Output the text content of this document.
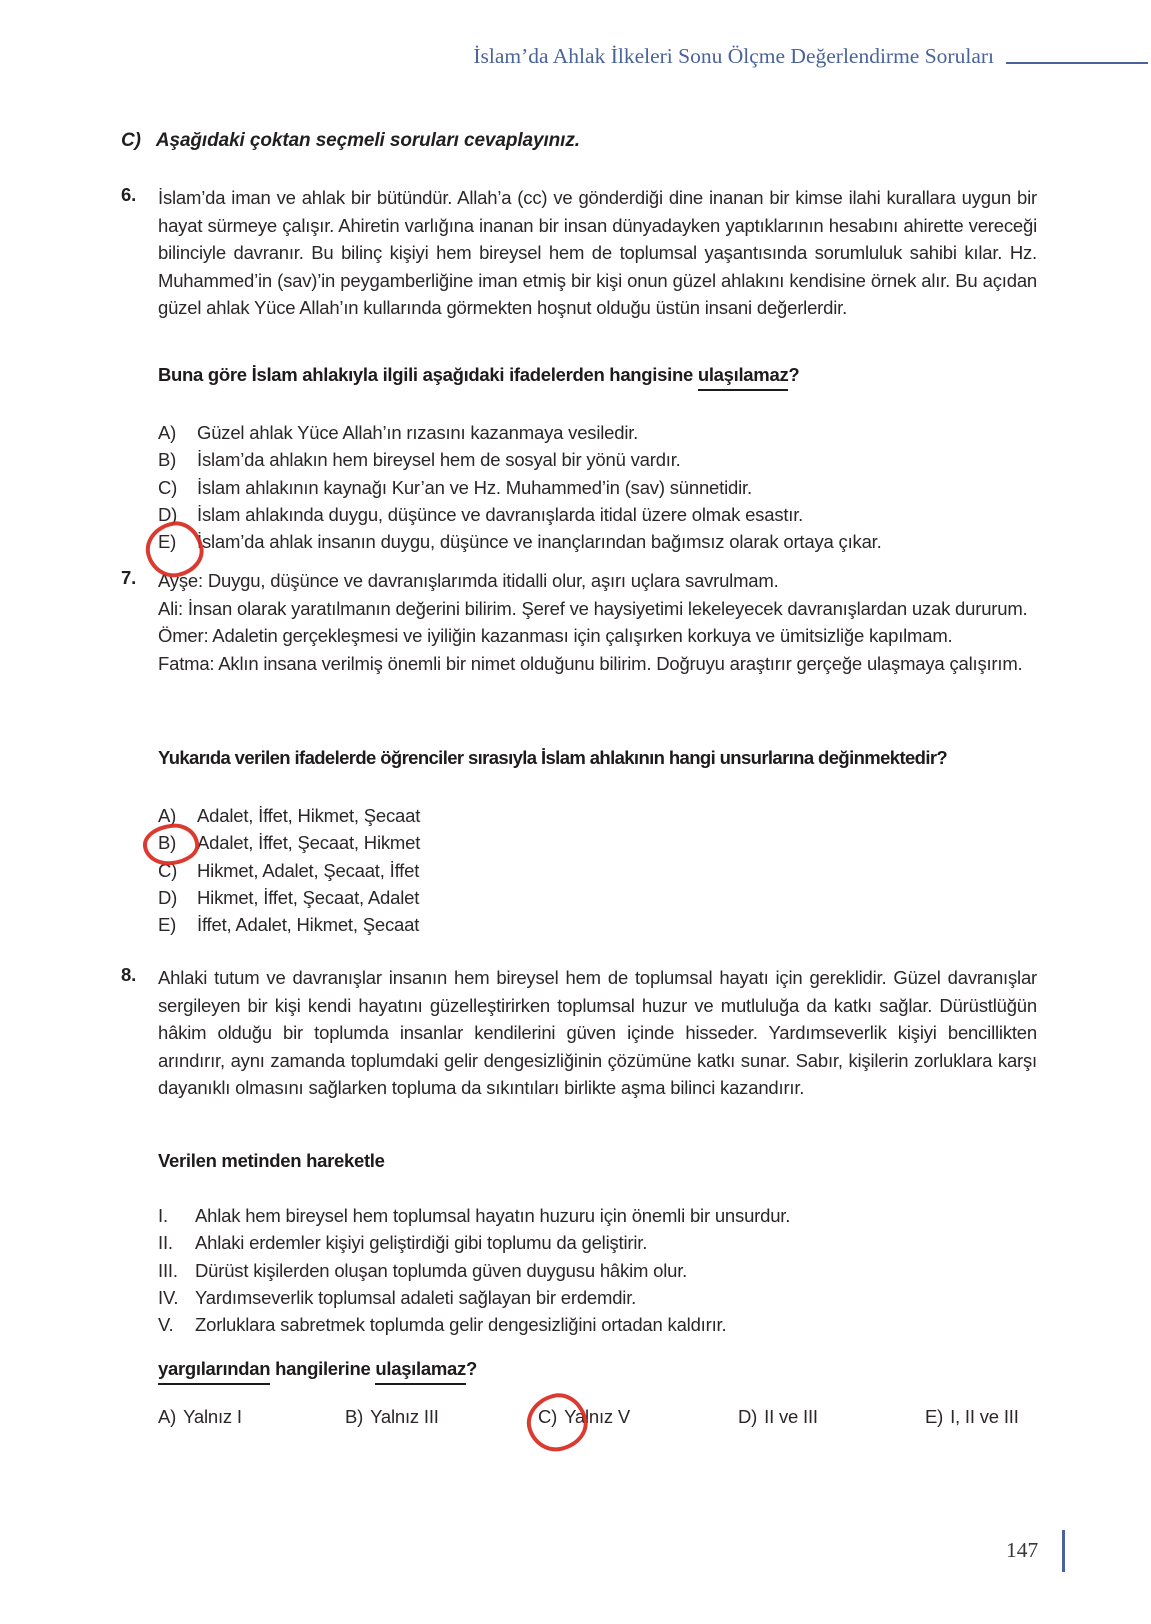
İslam’da Ahlak İlkeleri Sonu Ölçme Değerlendirme Soruları
C) Aşağıdaki çoktan seçmeli soruları cevaplayınız.
6. İslam’da iman ve ahlak bir bütündür. Allah’a (cc) ve gönderdiği dine inanan bir kimse ilahi kurallara uygun bir hayat sürmeye çalışır. Ahiretin varlığına inanan bir insan dünyadayken yaptıklarının hesabını ahirette vereceği bilinciyle davranır. Bu bilinç kişiyi hem bireysel hem de toplumsal yaşantısında sorumluluk sahibi kılar. Hz. Muhammed’in (sav)’in peygamberliğine iman etmiş bir kişi onun güzel ahlakını kendisine örnek alır. Bu açıdan güzel ahlak Yüce Allah’ın kullarında görmekten hoşnut olduğu üstün insani değerlerdir.
Buna göre İslam ahlakıyla ilgili aşağıdaki ifadelerden hangisine ulaşılamaz?
A)	Güzel ahlak Yüce Allah’ın rızasını kazanmaya vesiledir.
B)	İslam’da ahlakın hem bireysel hem de sosyal bir yönü vardır.
C)	İslam ahlakının kaynağı Kur’an ve Hz. Muhammed’in (sav) sünnetidir.
D)	İslam ahlakında duygu, düşünce ve davranışlarda itidal üzere olmak esastır.
E)	İslam’da ahlak insanın duygu, düşünce ve inançlarından bağımsız olarak ortaya çıkar.
7. Ayşe: Duygu, düşünce ve davranışlarımda itidalli olur, aşırı uçlara savrulmam.

Ali: İnsan olarak yaratılmanın değerini bilirim. Şeref ve haysiyetimi lekeleyecek davranışlardan uzak dururum.

Ömer: Adaletin gerçekleşmesi ve iyiliğin kazanması için çalışırken korkuya ve ümitsizliğe kapılmam.

Fatma: Aklın insana verilmiş önemli bir nimet olduğunu bilirim. Doğruyu araştırır gerçeğe ulaşmaya çalışırım.

Yukarıda verilen ifadelerde öğrenciler sırasıyla İslam ahlakının hangi unsurlarına değinmektedir?
A)	Adalet, İffet, Hikmet, Şecaat
B)	Adalet, İffet, Şecaat, Hikmet
C)	Hikmet, Adalet, Şecaat, İffet
D)	Hikmet, İffet, Şecaat, Adalet
E)	İffet, Adalet, Hikmet, Şecaat
8. Ahlaki tutum ve davranışlar insanın hem bireysel hem de toplumsal hayatı için gereklidir. Güzel davranışlar sergileyen bir kişi kendi hayatını güzelleştirirken toplumsal huzur ve mutluluğa da katkı sağlar. Dürüstlüğün hâkim olduğu bir toplumda insanlar kendilerini güven içinde hisseder. Yardımseverlik kişiyi bencillikten arındırır, aynı zamanda toplumdaki gelir dengesizliğinin çözümüne katkı sunar. Sabır, kişilerin zorluklara karşı dayanıklı olmasını sağlarken topluma da sıkıntıları birlikte aşma bilinci kazandırır.
Verilen metinden hareketle
I.	Ahlak hem bireysel hem toplumsal hayatın huzuru için önemli bir unsurdur.
II.	Ahlaki erdemler kişiyi geliştirdiği gibi toplumu da geliştirir.
III. Dürüst kişilerden oluşan toplumda güven duygusu hâkim olur.
IV. Yardımseverlik toplumsal adaleti sağlayan bir erdemdir.
V.	Zorluklara sabretmek toplumda gelir dengesizliğini ortadan kaldırır.
yargılarından hangilerine ulaşılamaz?
A) Yalnız I	B) Yalnız III	C) Yalnız V	D) II ve III	E) I, II ve III
147
